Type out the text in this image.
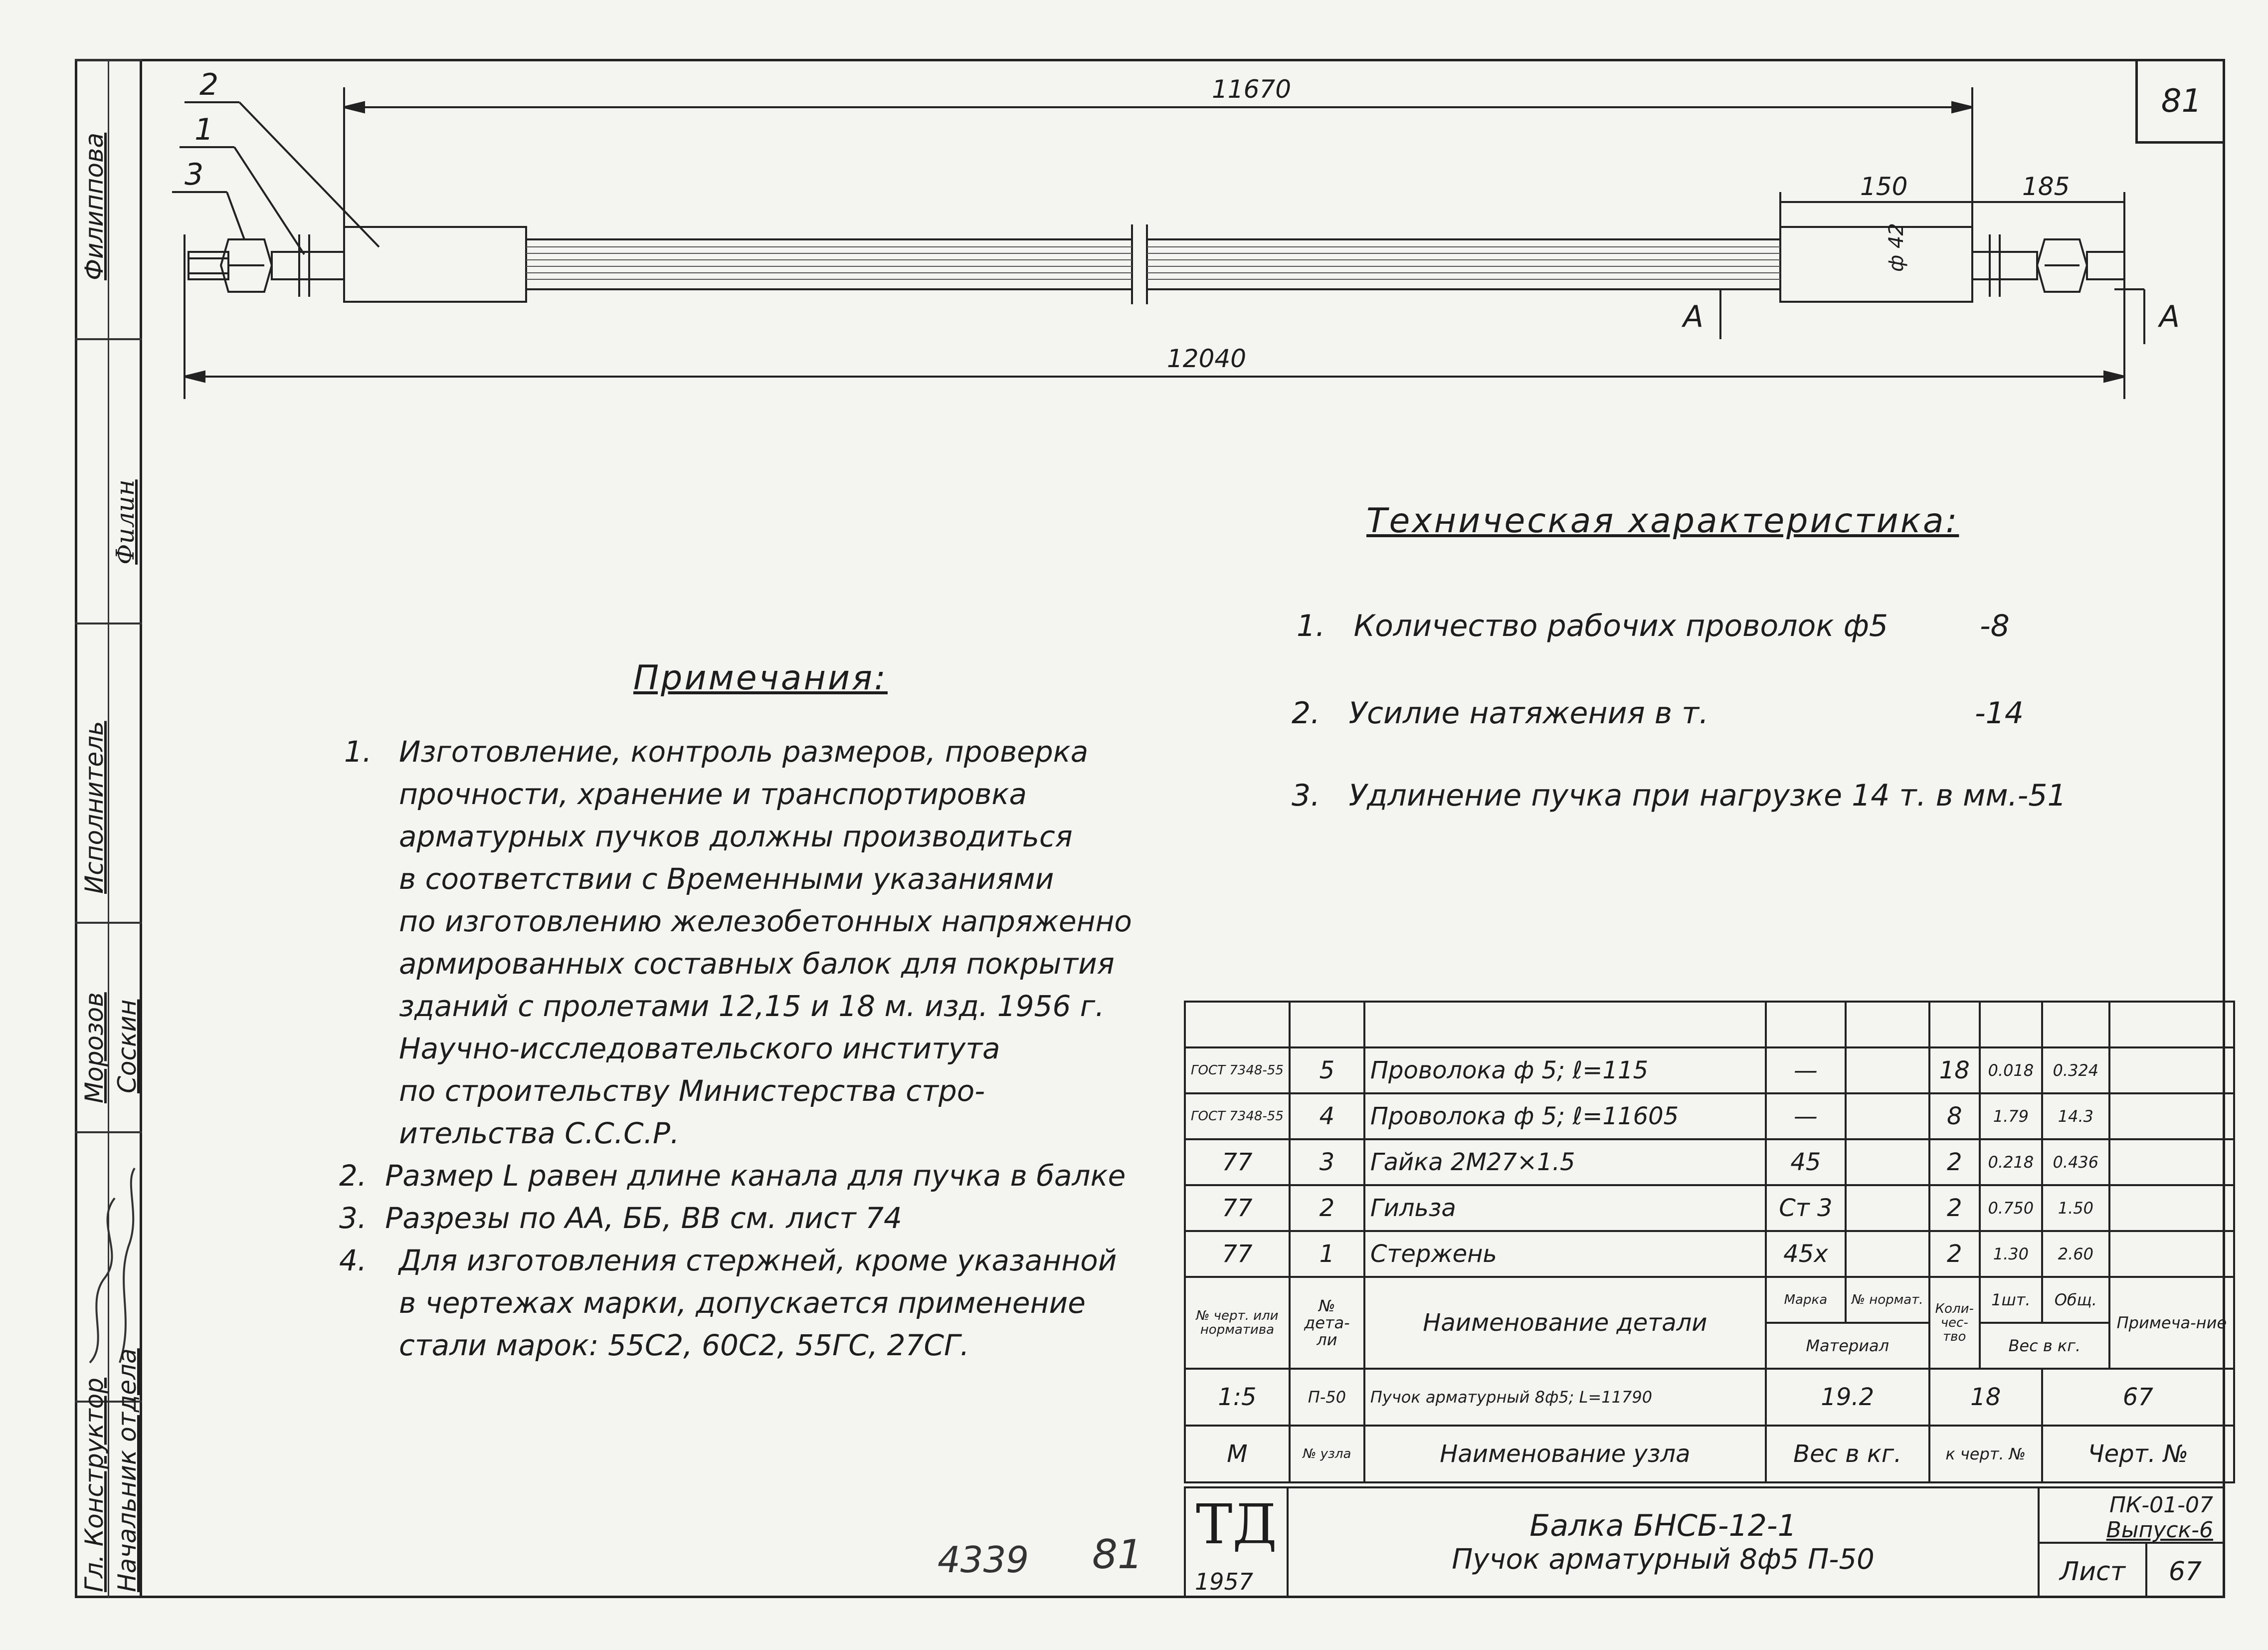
81
Филиппова
Филин
Исполнитель
Морозов Соскин
Гл. Конструктор Начальник отдела
11670
12040
150	185
ф 42
2
1
3
А	А
Техническая характеристика:
1. Количество рабочих проволок ф5	-8
2. Усилие натяжения в т.	-14
3. Удлинение пучка при нагрузке 14 т. в мм.-51
Примечания:
1. Изготовление, контроль размеров, проверка
прочности, хранение и транспортировка
арматурных пучков должны производиться
в соответствии с Временными указаниями
по изготовлению железобетонных напряженно
армированных составных балок для покрытия
зданий с пролетами 12,15 и 18 м. изд. 1956 г.
Научно-исследовательского института
по строительству Министерства стро-
ительства С.С.С.Р.
2. Размер L равен длине канала для пучка в балке
3. Разрезы по АА, ББ, ВВ см. лист 74
4. Для изготовления стержней, кроме указанной
в чертежах марки, допускается применение
стали марок: 55С2, 60С2, 55ГС, 27СГ.

ГОСТ 7348-55	5	Проволока ф 5; ℓ=115	—		18	0.018	0.324	
ГОСТ 7348-55	4	Проволока ф 5; ℓ=11605	—		8	1.79	14.3	
77	3	Гайка 2М27×1.5	45		2	0.218	0.436	
77	2	Гильза	Ст 3		2	0.750	1.50	
77	1	Стержень	45х		2	1.30	2.60	
№ черт. или норматива	№ дета-ли	Наименование детали	Марка	№ нормат.	Коли-чес-тво	1шт.	Общ.	Примеча-ние
			Материал			Вес в кг.		
1:5	П-50	Пучок арматурный 8ф5; L=11790	19.2		18		67	
М	№ узла	Наименование узла	Вес в кг.		к черт. №		Черт. №	
ТД
1957
Балка БНСБ-12-1
Пучок арматурный 8ф5 П-50
ПК-01-07
Выпуск-6
Лист	67
4339 81
